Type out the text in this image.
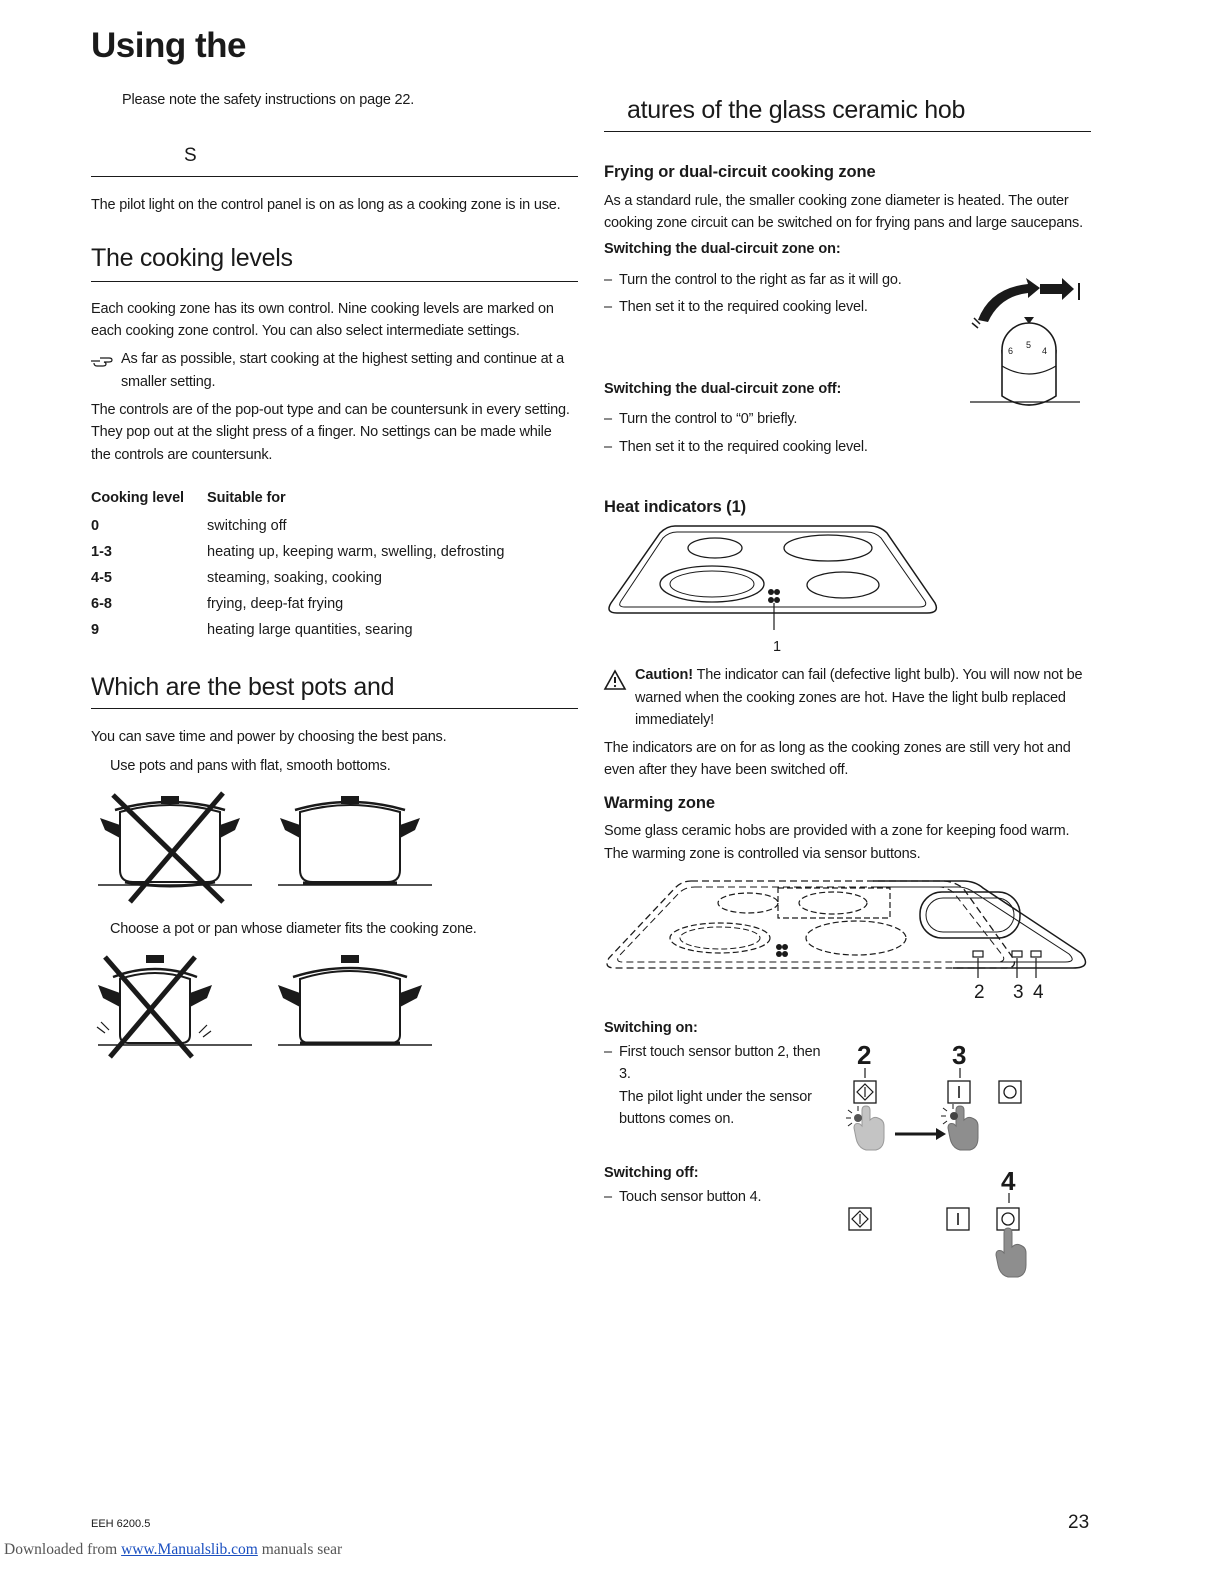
Using the
Please note the safety instructions on page 22.
S
The pilot light on the control panel is on as long as a cooking zone is in use.
The cooking levels
Each cooking zone has its own control. Nine cooking levels are marked on
each cooking zone control. You can also select intermediate settings.
As far as possible, start cooking at the highest setting and continue at a
smaller setting.
The controls are of the pop-out type and can be countersunk in every setting.
They pop out at the slight press of a finger. No settings can be made while
the controls are countersunk.
Cooking level Suitable for
0	switching off
1-3	heating up, keeping warm, swelling, defrosting
4-5	steaming, soaking, cooking
6-8	frying, deep-fat frying
9	heating large quantities, searing
Which are the best pots and
You can save time and power by choosing the best pans.
Use pots and pans with flat, smooth bottoms.
Choose a pot or pan whose diameter fits the cooking zone.
atures of the glass ceramic hob
Frying or dual-circuit cooking zone
As a standard rule, the smaller cooking zone diameter is heated. The outer
cooking zone circuit can be switched on for frying pans and large saucepans.
Switching the dual-circuit zone on:
– Turn the control to the right as far as it will go.
– Then set it to the required cooking level.
5
6	4
Switching the dual-circuit zone off:
– Turn the control to “0” briefly.
– Then set it to the required cooking level.
Heat indicators (1)
1
Caution! The indicator can fail (defective light bulb). You will now not be
warned when the cooking zones are hot. Have the light bulb replaced
immediately!
The indicators are on for as long as the cooking zones are still very hot and
even after they have been switched off.
Warming zone
Some glass ceramic hobs are provided with a zone for keeping food warm.
The warming zone is controlled via sensor buttons.
2 3 4
Switching on:
– First touch sensor button 2, then
3.
The pilot light under the sensor
buttons comes on.
2	3
Switching off:
– Touch sensor button 4.
4
EEH 6200.5	23
Downloaded from www.Manualslib.com manuals sear
